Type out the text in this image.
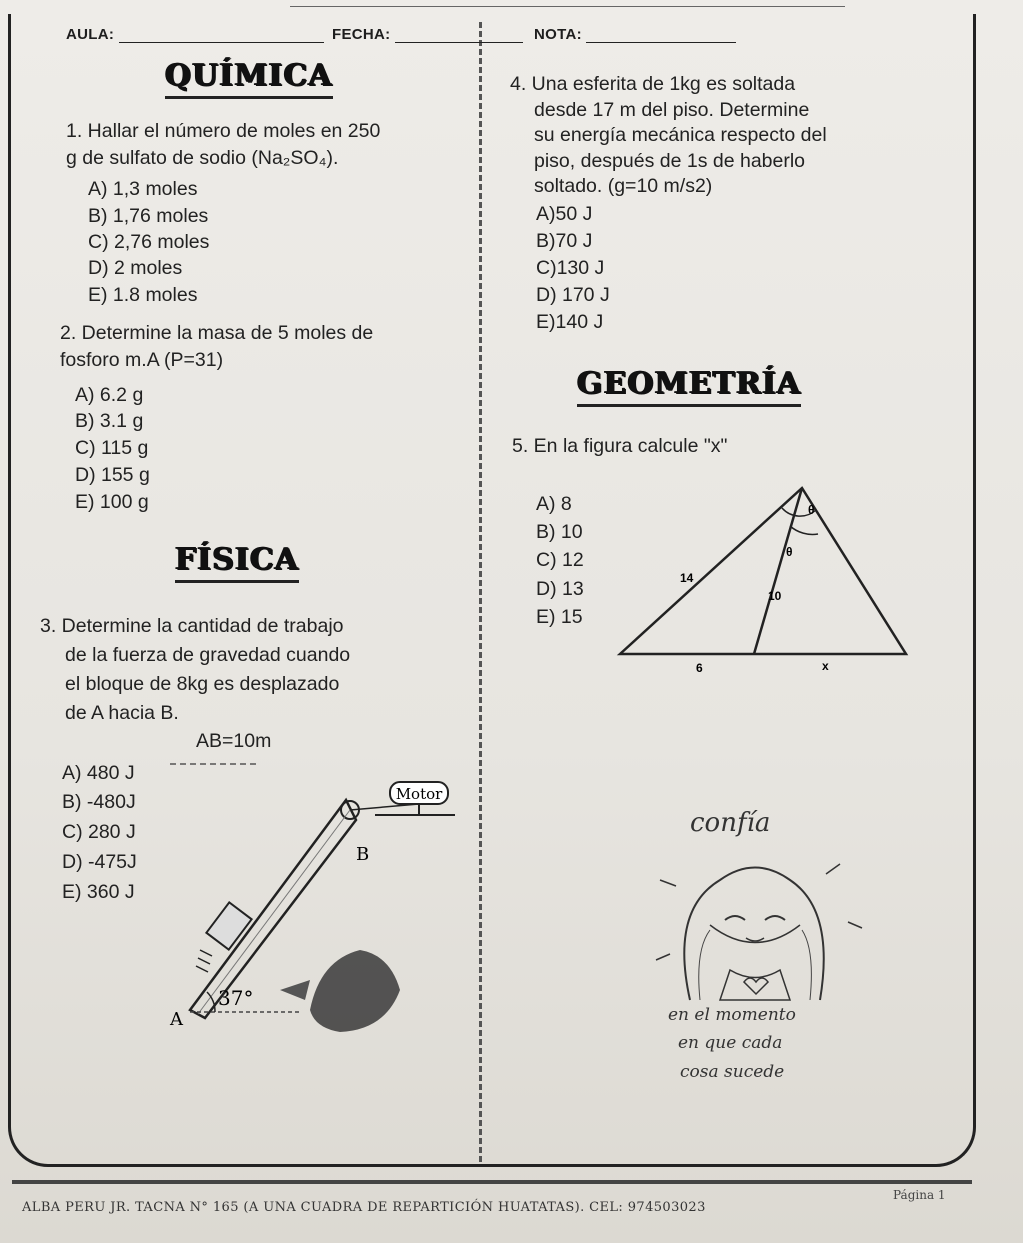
AULA:	FECHA:	NOTA:
QUÍMICA
1. Hallar el número de moles en 250
g de sulfato de sodio (Na₂SO₄).
A) 1,3 moles
B) 1,76 moles
C) 2,76 moles
D) 2 moles
E) 1.8 moles
2. Determine la masa de 5 moles de
fosforo m.A (P=31)
A) 6.2 g
B) 3.1 g
C) 115 g
D) 155 g
E) 100 g
FÍSICA
3. Determine la cantidad de trabajo
de la fuerza de gravedad cuando
el bloque de 8kg es desplazado
de A hacia B.
AB=10m
A) 480 J
B) -480J
C) 280 J
D) -475J
E) 360 J
Motor
37°
A
B
4. Una esferita de 1kg es soltada
desde 17 m del piso. Determine
su energía mecánica respecto del
piso, después de 1s de haberlo
soltado. (g=10 m/s2)
A)50 J
B)70 J
C)130 J
D) 170 J
E)140 J
GEOMETRÍA
5. En la figura calcule "x"
A) 8
B) 10
C) 12
D) 13
E) 15
θ
θ
14
10
6	x
confía
en el momento
en que cada
cosa sucede
ALBA PERU JR. TACNA N° 165 (A UNA CUADRA DE REPARTICIÓN HUATATAS). CEL: 974503023
Página 1
